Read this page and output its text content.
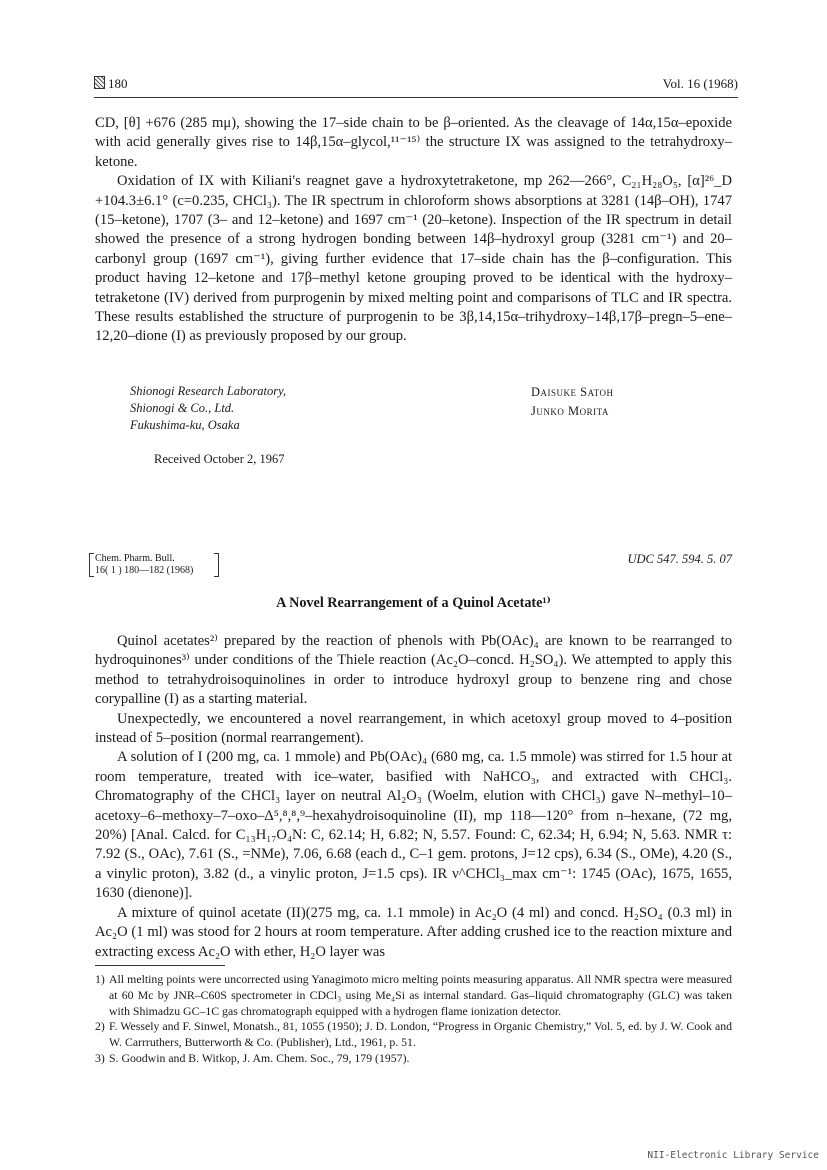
180	Vol. 16 (1968)

CD, [θ] +676 (285 mμ), showing the 17–side chain to be β–oriented. As the cleavage of 14α,15α–epoxide with acid generally gives rise to 14β,15α–glycol,¹¹⁻¹⁵⁾ the structure IX was assigned to the tetrahydroxy–ketone.

Oxidation of IX with Kiliani's reagnet gave a hydroxytetraketone, mp 262—266°, C₂₁H₂₈O₅, [α]²⁶_D +104.3±6.1° (c=0.235, CHCl₃). The IR spectrum in chloroform shows absorptions at 3281 (14β–OH), 1747 (15–ketone), 1707 (3– and 12–ketone) and 1697 cm⁻¹ (20–ketone). Inspection of the IR spectrum in detail showed the presence of a strong hydrogen bonding between 14β–hydroxyl group (3281 cm⁻¹) and 20–carbonyl group (1697 cm⁻¹), giving further evidence that 17–side chain has the β–configuration. This product having 12–ketone and 17β–methyl ketone grouping proved to be identical with the hydroxy–tetraketone (IV) derived from purprogenin by mixed melting point and comparisons of TLC and IR spectra. These results established the structure of purprogenin to be 3β,14,15α–trihydroxy–14β,17β–pregn–5–ene–12,20–dione (I) as previously proposed by our group.

Shionogi Research Laboratory,
Shionogi & Co., Ltd.
Fukushima-ku, Osaka
Daisuke Satoh
Junko Morita
Received October 2, 1967
Chem. Pharm. Bull.
16( 1 ) 180—182 (1968)
UDC 547. 594. 5. 07
A Novel Rearrangement of a Quinol Acetate¹⁾

Quinol acetates²⁾ prepared by the reaction of phenols with Pb(OAc)₄ are known to be rearranged to hydroquinones³⁾ under conditions of the Thiele reaction (Ac₂O–concd. H₂SO₄). We attempted to apply this method to tetrahydroisoquinolines in order to introduce hydroxyl group to benzene ring and chose corypalline (I) as a starting material.

Unexpectedly, we encountered a novel rearrangement, in which acetoxyl group moved to 4–position instead of 5–position (normal rearrangement).

A solution of I (200 mg, ca. 1 mmole) and Pb(OAc)₄ (680 mg, ca. 1.5 mmole) was stirred for 1.5 hour at room temperature, treated with ice–water, basified with NaHCO₃, and extracted with CHCl₃. Chromatography of the CHCl₃ layer on neutral Al₂O₃ (Woelm, elution with CHCl₃) gave N–methyl–10–acetoxy–6–methoxy–7–oxo–Δ⁵,⁸,⁸,⁹–hexahydroisoquinoline (II), mp 118—120° from n–hexane, (72 mg, 20%) [Anal. Calcd. for C₁₃H₁₇O₄N: C, 62.14; H, 6.82; N, 5.57. Found: C, 62.34; H, 6.94; N, 5.63. NMR τ: 7.92 (S., OAc), 7.61 (S., =NMe), 7.06, 6.68 (each d., C–1 gem. protons, J=12 cps), 6.34 (S., OMe), 4.20 (S., a vinylic proton), 3.82 (d., a vinylic proton, J=1.5 cps). IR ν^CHCl₃_max cm⁻¹: 1745 (OAc), 1675, 1655, 1630 (dienone)].

A mixture of quinol acetate (II)(275 mg, ca. 1.1 mmole) in Ac₂O (4 ml) and concd. H₂SO₄ (0.3 ml) in Ac₂O (1 ml) was stood for 2 hours at room temperature. After adding crushed ice to the reaction mixture and extracting excess Ac₂O with ether, H₂O layer was

1) All melting points were uncorrected using Yanagimoto micro melting points measuring apparatus. All NMR spectra were measured at 60 Mc by JNR–C60S spectrometer in CDCl₃ using Me₄Si as internal standard. Gas–liquid chromatography (GLC) was taken with Shimadzu GC–1C gas chromatograph equipped with a hydrogen flame ionization detector.
2) F. Wessely and F. Sinwel, Monatsh., 81, 1055 (1950); J. D. London, “Progress in Organic Chemistry,” Vol. 5, ed. by J. W. Cook and W. Carrruthers, Butterworth & Co. (Publisher), Ltd., 1961, p. 51.
3) S. Goodwin and B. Witkop, J. Am. Chem. Soc., 79, 179 (1957).
NII-Electronic Library Service
